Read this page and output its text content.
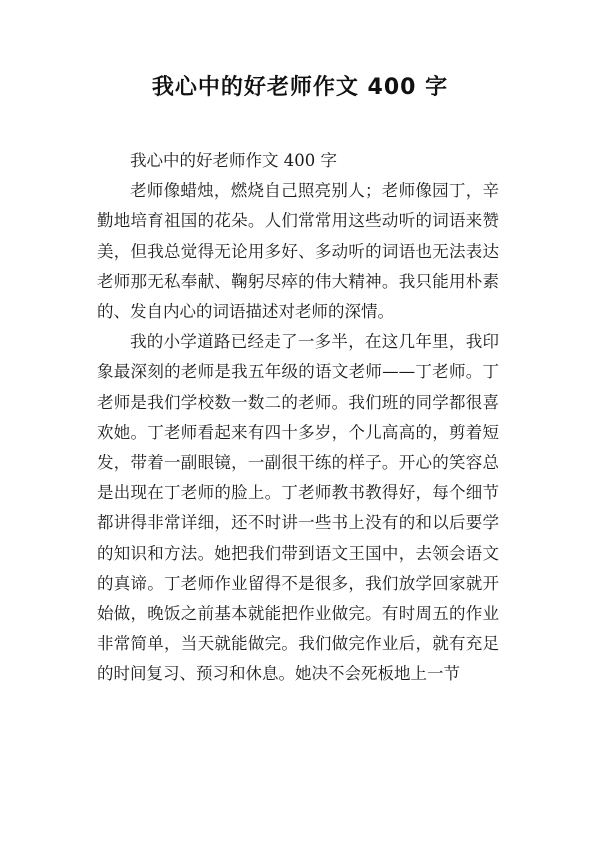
我心中的好老师作文 400 字

我心中的好老师作文 400 字

老师像蜡烛，燃烧自己照亮别人；老师像园丁，辛勤地培育祖国的花朵。人们常常用这些动听的词语来赞美，但我总觉得无论用多好、多动听的词语也无法表达老师那无私奉献、鞠躬尽瘁的伟大精神。我只能用朴素的、发自内心的词语描述对老师的深情。

我的小学道路已经走了一多半，在这几年里，我印象最深刻的老师是我五年级的语文老师——丁老师。丁老师是我们学校数一数二的老师。我们班的同学都很喜欢她。丁老师看起来有四十多岁，个儿高高的，剪着短发，带着一副眼镜，一副很干练的样子。开心的笑容总是出现在丁老师的脸上。丁老师教书教得好，每个细节都讲得非常详细，还不时讲一些书上没有的和以后要学的知识和方法。她把我们带到语文王国中，去领会语文的真谛。丁老师作业留得不是很多，我们放学回家就开始做，晚饭之前基本就能把作业做完。有时周五的作业非常简单，当天就能做完。我们做完作业后，就有充足的时间复习、预习和休息。她决不会死板地上一节
